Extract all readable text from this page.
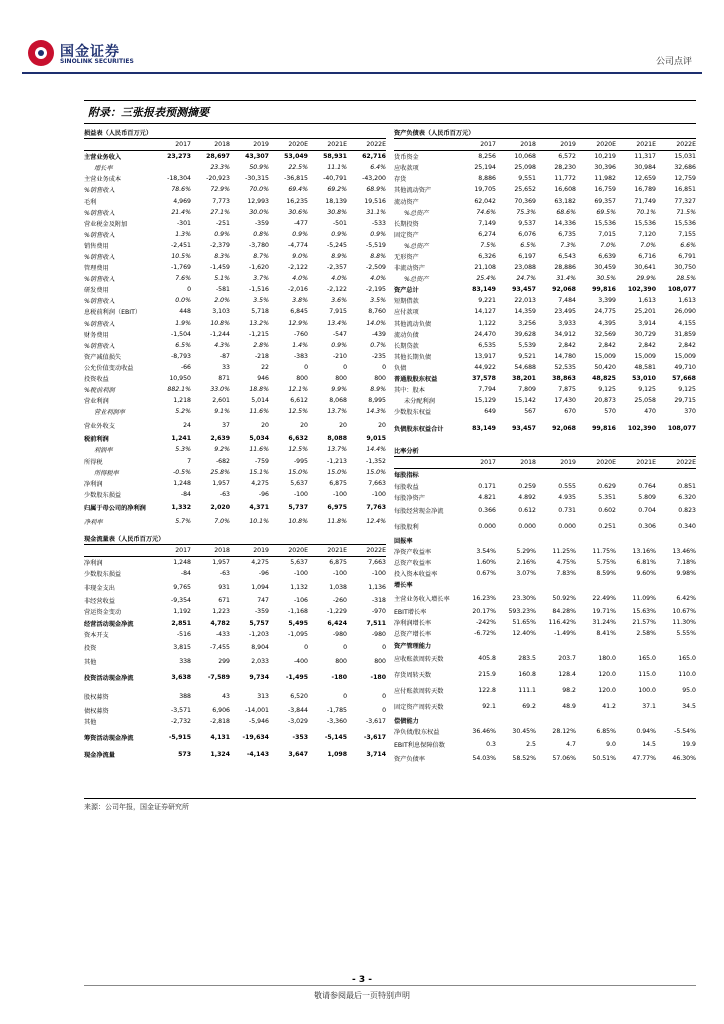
国金证券
SINOLINK SECURITIES	公司点评
附录：三张报表预测摘要
损益表（人民币百万元）						
	2017	2018	2019	2020E	2021E	2022E
主营业务收入	23,273	28,697	43,307	53,049	58,931	62,716
增长率		23.3%	50.9%	22.5%	11.1%	6.4%
主营业务成本	-18,304	-20,923	-30,315	-36,815	-40,791	-43,200
%销售收入	78.6%	72.9%	70.0%	69.4%	69.2%	68.9%
毛利	4,969	7,773	12,993	16,235	18,139	19,516
%销售收入	21.4%	27.1%	30.0%	30.6%	30.8%	31.1%
营业税金及附加	-301	-251	-359	-477	-501	-533
%销售收入	1.3%	0.9%	0.8%	0.9%	0.9%	0.9%
销售费用	-2,451	-2,379	-3,780	-4,774	-5,245	-5,519
%销售收入	10.5%	8.3%	8.7%	9.0%	8.9%	8.8%
管理费用	-1,769	-1,459	-1,620	-2,122	-2,357	-2,509
%销售收入	7.6%	5.1%	3.7%	4.0%	4.0%	4.0%
研发费用	0	-581	-1,516	-2,016	-2,122	-2,195
%销售收入	0.0%	2.0%	3.5%	3.8%	3.6%	3.5%
息税前利润（EBIT）	448	3,103	5,718	6,845	7,915	8,760
%销售收入	1.9%	10.8%	13.2%	12.9%	13.4%	14.0%
财务费用	-1,504	-1,244	-1,215	-760	-547	-439
%销售收入	6.5%	4.3%	2.8%	1.4%	0.9%	0.7%
资产减值损失	-8,793	-87	-218	-383	-210	-235
公允价值变动收益	-66	33	22	0	0	0
投资收益	10,950	871	946	800	800	800
%税前利润	882.1%	33.0%	18.8%	12.1%	9.9%	8.9%
营业利润	1,218	2,601	5,014	6,612	8,068	8,995
营业利润率	5.2%	9.1%	11.6%	12.5%	13.7%	14.3%
营业外收支	24	37	20	20	20	20
税前利润	1,241	2,639	5,034	6,632	8,088	9,015
利润率	5.3%	9.2%	11.6%	12.5%	13.7%	14.4%
所得税	7	-682	-759	-995	-1,213	-1,352
所得税率	-0.5%	25.8%	15.1%	15.0%	15.0%	15.0%
净利润	1,248	1,957	4,275	5,637	6,875	7,663
少数股东损益	-84	-63	-96	-100	-100	-100
归属于母公司的净利润	1,332	2,020	4,371	5,737	6,975	7,763
净利率	5.7%	7.0%	10.1%	10.8%	11.8%	12.4%
现金流量表（人民币百万元）						
	2017	2018	2019	2020E	2021E	2022E
净利润	1,248	1,957	4,275	5,637	6,875	7,663
少数股东损益	-84	-63	-96	-100	-100	-100
非现金支出	9,765	931	1,094	1,132	1,038	1,136
非经营收益	-9,354	671	747	-106	-260	-318
营运资金变动	1,192	1,223	-359	-1,168	-1,229	-970
经营活动现金净流	2,851	4,782	5,757	5,495	6,424	7,511
资本开支	-516	-433	-1,203	-1,095	-980	-980
投资	3,815	-7,455	8,904	0	0	0
其他	338	299	2,033	-400	800	800
投资活动现金净流	3,638	-7,589	9,734	-1,495	-180	-180
股权募资	388	43	313	6,520	0	0
债权募资	-3,571	6,906	-14,001	-3,844	-1,785	0
其他	-2,732	-2,818	-5,946	-3,029	-3,360	-3,617
筹资活动现金净流	-5,915	4,131	-19,634	-353	-5,145	-3,617
现金净流量	573	1,324	-4,143	3,647	1,098	3,714
资产负债表（人民币百万元）						
	2017	2018	2019	2020E	2021E	2022E
货币资金	8,256	10,068	6,572	10,219	11,317	15,031
应收款项	25,194	25,098	28,230	30,396	30,984	32,686
存货	8,886	9,551	11,772	11,982	12,659	12,759
其他流动资产	19,705	25,652	16,608	16,759	16,789	16,851
流动资产	62,042	70,369	63,182	69,357	71,749	77,327
%总资产	74.6%	75.3%	68.6%	69.5%	70.1%	71.5%
长期投资	7,149	9,537	14,336	15,536	15,536	15,536
固定资产	6,274	6,076	6,735	7,015	7,120	7,155
%总资产	7.5%	6.5%	7.3%	7.0%	7.0%	6.6%
无形资产	6,326	6,197	6,543	6,639	6,716	6,791
非流动资产	21,108	23,088	28,886	30,459	30,641	30,750
%总资产	25.4%	24.7%	31.4%	30.5%	29.9%	28.5%
资产总计	83,149	93,457	92,068	99,816	102,390	108,077
短期借款	9,221	22,013	7,484	3,399	1,613	1,613
应付款项	14,127	14,359	23,495	24,775	25,201	26,090
其他流动负债	1,122	3,256	3,933	4,395	3,914	4,155
流动负债	24,470	39,628	34,912	32,569	30,729	31,859
长期贷款	6,535	5,539	2,842	2,842	2,842	2,842
其他长期负债	13,917	9,521	14,780	15,009	15,009	15,009
负债	44,922	54,688	52,535	50,420	48,581	49,710
普通股股东权益	37,578	38,201	38,863	48,825	53,010	57,668
其中：股本	7,794	7,809	7,875	9,125	9,125	9,125
未分配利润	15,129	15,142	17,430	20,873	25,058	29,715
少数股东权益	649	567	670	570	470	370
负债股东权益合计	83,149	93,457	92,068	99,816	102,390	108,077
比率分析						
	2017	2018	2019	2020E	2021E	2022E
每股指标						
每股收益	0.171	0.259	0.555	0.629	0.764	0.851
每股净资产	4.821	4.892	4.935	5.351	5.809	6.320
每股经营现金净流	0.366	0.612	0.731	0.602	0.704	0.823
每股股利	0.000	0.000	0.000	0.251	0.306	0.340
回报率						
净资产收益率	3.54%	5.29%	11.25%	11.75%	13.16%	13.46%
总资产收益率	1.60%	2.16%	4.75%	5.75%	6.81%	7.18%
投入资本收益率	0.67%	3.07%	7.83%	8.59%	9.60%	9.98%
增长率						
主营业务收入增长率	16.23%	23.30%	50.92%	22.49%	11.09%	6.42%
EBIT增长率	20.17%	593.23%	84.28%	19.71%	15.63%	10.67%
净利润增长率	-242%	51.65%	116.42%	31.24%	21.57%	11.30%
总资产增长率	-6.72%	12.40%	-1.49%	8.41%	2.58%	5.55%
资产管理能力						
应收账款周转天数	405.8	283.5	203.7	180.0	165.0	165.0
存货周转天数	215.9	160.8	128.4	120.0	115.0	110.0
应付账款周转天数	122.8	111.1	98.2	120.0	100.0	95.0
固定资产周转天数	92.1	69.2	48.9	41.2	37.1	34.5
偿债能力						
净负债/股东权益	36.46%	30.45%	28.12%	6.85%	0.94%	-5.54%
EBIT利息保障倍数	0.3	2.5	4.7	9.0	14.5	19.9
资产负债率	54.03%	58.52%	57.06%	50.51%	47.77%	46.30%
来源：公司年报，国金证券研究所
- 3 -
敬请参阅最后一页特别声明
